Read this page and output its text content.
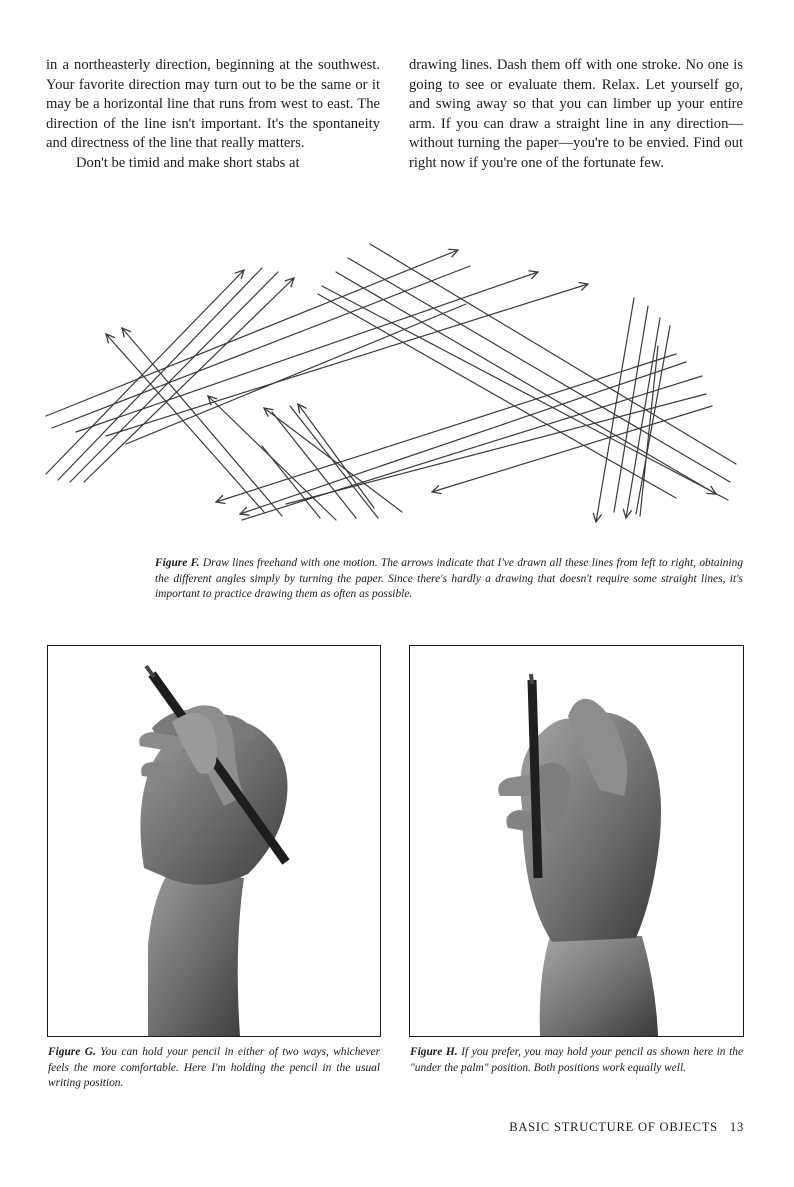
in a northeasterly direction, beginning at the southwest. Your favorite direction may turn out to be the same or it may be a horizontal line that runs from west to east. The direction of the line isn't important. It's the spontaneity and directness of the line that really matters.

Don't be timid and make short stabs at

drawing lines. Dash them off with one stroke. No one is going to see or evaluate them. Relax. Let yourself go, and swing away so that you can limber up your entire arm. If you can draw a straight line in any direction—without turning the paper—you're to be envied. Find out right now if you're one of the fortunate few.

Figure F. Draw lines freehand with one motion. The arrows indicate that I've drawn all these lines from left to right, obtaining the different angles simply by turning the paper. Since there's hardly a drawing that doesn't require some straight lines, it's important to practice drawing them as often as possible.

Figure G. You can hold your pencil in either of two ways, whichever feels the more comfortable. Here I'm holding the pencil in the usual writing position.

Figure H. If you prefer, you may hold your pencil as shown here in the "under the palm" position. Both positions work equally well.

BASIC STRUCTURE OF OBJECTS 13
